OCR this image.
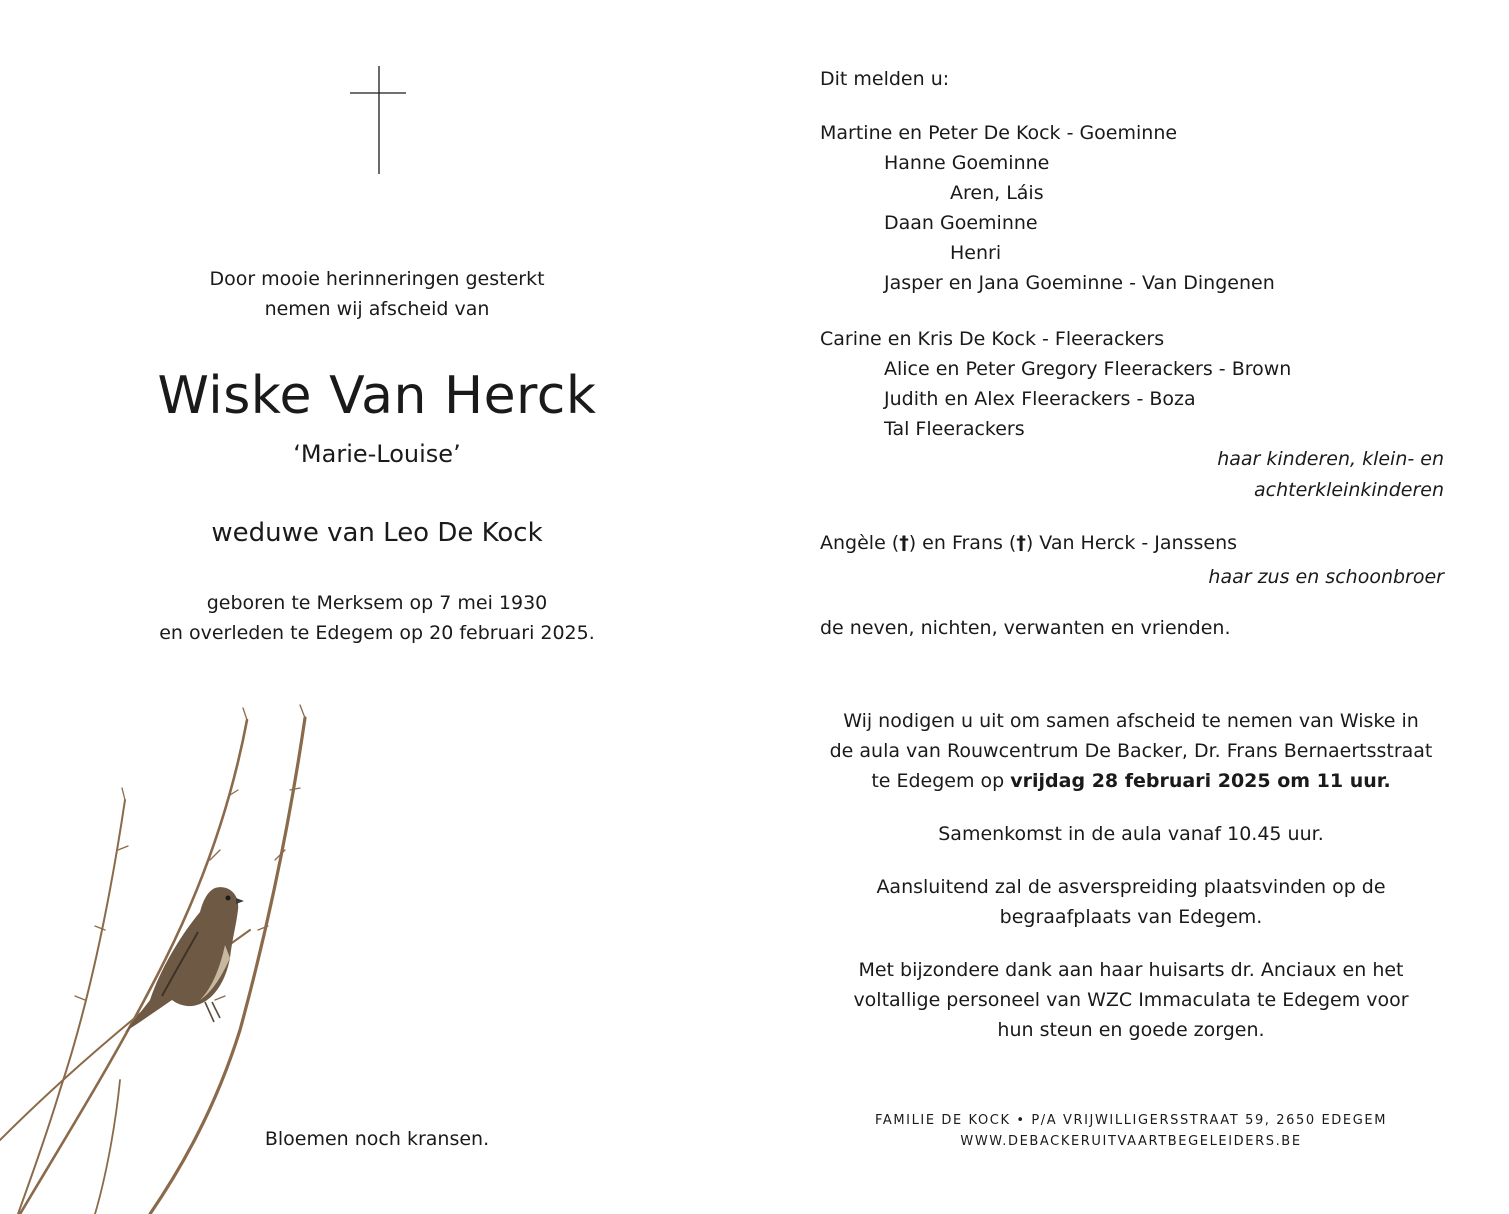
Door mooie herinneringen gesterkt
nemen wij afscheid van
Wiske Van Herck
‘Marie-Louise’
weduwe van Leo De Kock
geboren te Merksem op 7 mei 1930
en overleden te Edegem op 20 februari 2025.
Bloemen noch kransen.
Dit melden u:
Martine en Peter De Kock - Goeminne
Hanne Goeminne
Aren, Láis
Daan Goeminne
Henri
Jasper en Jana Goeminne - Van Dingenen
Carine en Kris De Kock - Fleerackers
Alice en Peter Gregory Fleerackers - Brown
Judith en Alex Fleerackers - Boza
Tal Fleerackers
haar kinderen, klein- en
achterkleinkinderen
Angèle (†) en Frans (†) Van Herck - Janssens
haar zus en schoonbroer
de neven, nichten, verwanten en vrienden.
Wij nodigen u uit om samen afscheid te nemen van Wiske in
de aula van Rouwcentrum De Backer, Dr. Frans Bernaertsstraat
te Edegem op vrijdag 28 februari 2025 om 11 uur.
Samenkomst in de aula vanaf 10.45 uur.
Aansluitend zal de asverspreiding plaatsvinden op de
begraafplaats van Edegem.
Met bijzondere dank aan haar huisarts dr. Anciaux en het
voltallige personeel van WZC Immaculata te Edegem voor
hun steun en goede zorgen.
FAMILIE DE KOCK • P/A VRIJWILLIGERSSTRAAT 59, 2650 EDEGEM
WWW.DEBACKERUITVAARTBEGELEIDERS.BE
